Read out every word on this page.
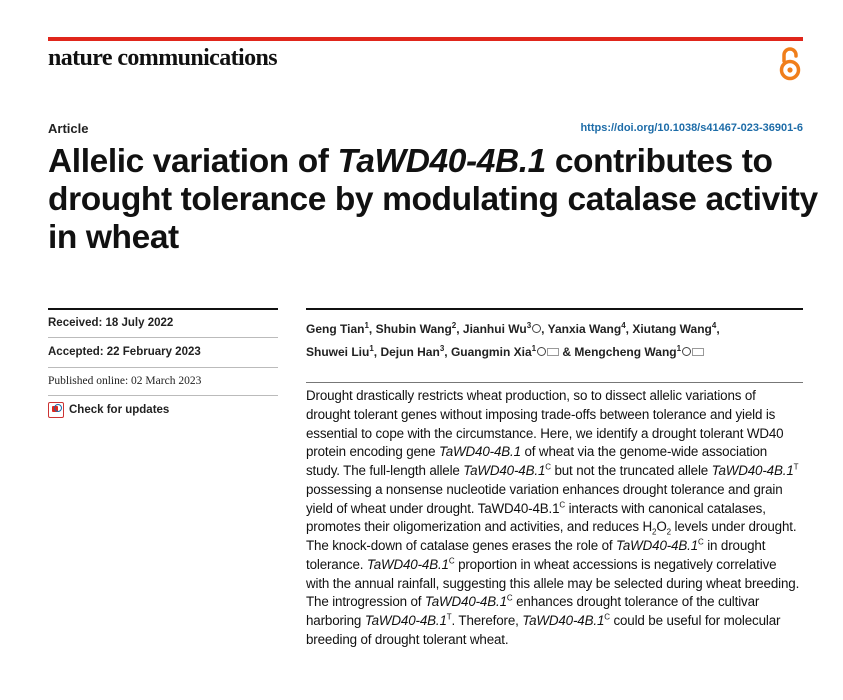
nature communications
Article	https://doi.org/10.1038/s41467-023-36901-6
Allelic variation of TaWD40-4B.1 contributes to drought tolerance by modulating catalase activity in wheat
Received: 18 July 2022
Accepted: 22 February 2023
Published online: 02 March 2023
Check for updates
Geng Tian$^1$, Shubin Wang$^2$, Jianhui Wu$^3$ , Yanxia Wang$^4$, Xiutang Wang$^4$,
Shuwei Liu$^1$, Dejun Han$^3$, Guangmin Xia$^1$ & Mengcheng Wang$^1$
Drought drastically restricts wheat production, so to dissect allelic variations of drought tolerant genes without imposing trade-offs between tolerance and yield is essential to cope with the circumstance. Here, we identify a drought tolerant WD40 protein encoding gene TaWD40-4B.1 of wheat via the genome-wide association study. The full-length allele $TaWD40-4B.1^C$ but not the truncated allele $TaWD40-4B.1^T$ possessing a nonsense nucleotide variation enhances drought tolerance and grain yield of wheat under drought. $TaWD40-4B.1^C$ interacts with canonical catalases, promotes their oligomerization and activities, and reduces $H_2O_2$ levels under drought. The knock-down of catalase genes erases the role of $TaWD40-4B.1^C$ in drought tolerance. $TaWD40-4B.1^C$ proportion in wheat accessions is negatively correlative with the annual rainfall, suggesting this allele may be selected during wheat breeding. The introgression of $TaWD40-4B.1^C$ enhances drought tolerance of the cultivar harboring $TaWD40-4B.1^T$. Therefore, $TaWD40-4B.1^C$ could be useful for molecular breeding of drought tolerant wheat.
